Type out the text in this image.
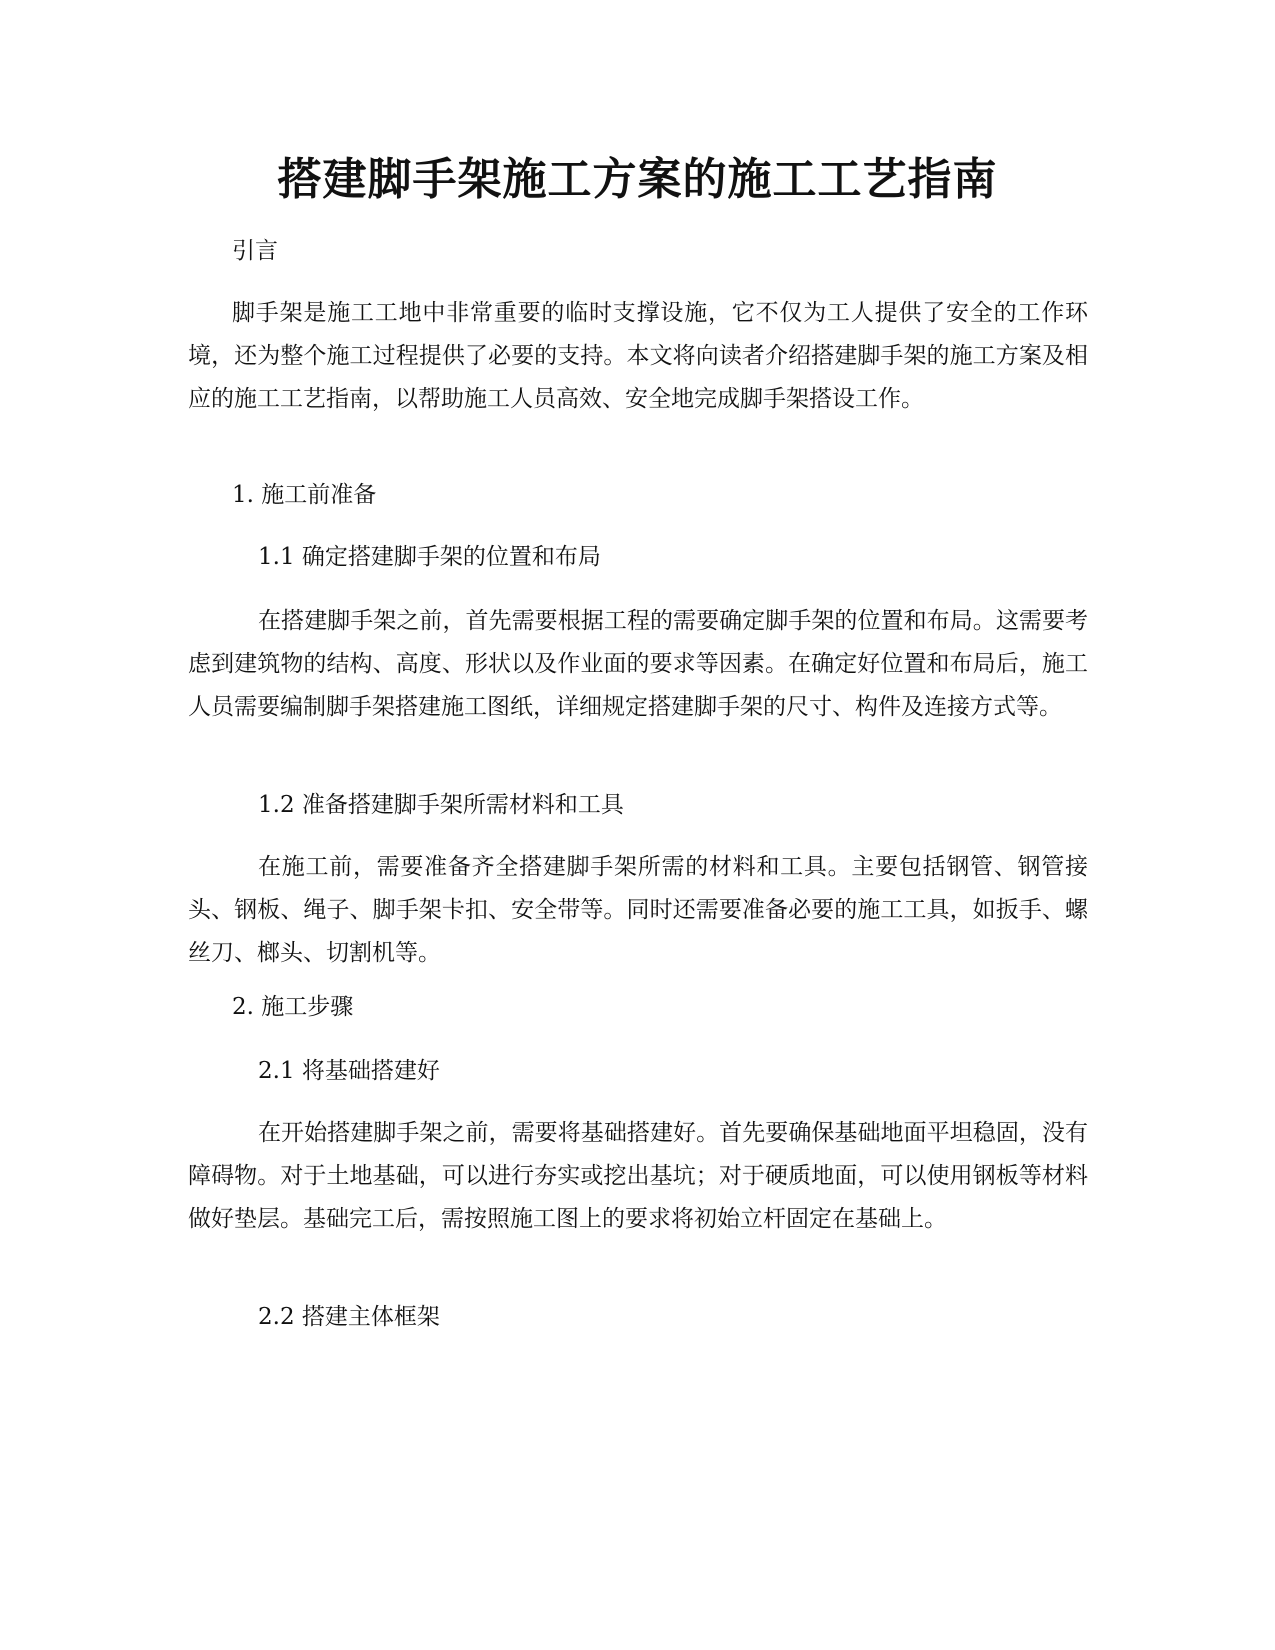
搭建脚手架施工方案的施工工艺指南

引言

脚手架是施工工地中非常重要的临时支撑设施，它不仅为工人提供了安全的工作环境，还为整个施工过程提供了必要的支持。本文将向读者介绍搭建脚手架的施工方案及相应的施工工艺指南，以帮助施工人员高效、安全地完成脚手架搭设工作。

1. 施工前准备

1.1 确定搭建脚手架的位置和布局

在搭建脚手架之前，首先需要根据工程的需要确定脚手架的位置和布局。这需要考虑到建筑物的结构、高度、形状以及作业面的要求等因素。在确定好位置和布局后，施工人员需要编制脚手架搭建施工图纸，详细规定搭建脚手架的尺寸、构件及连接方式等。

1.2 准备搭建脚手架所需材料和工具

在施工前，需要准备齐全搭建脚手架所需的材料和工具。主要包括钢管、钢管接头、钢板、绳子、脚手架卡扣、安全带等。同时还需要准备必要的施工工具，如扳手、螺丝刀、榔头、切割机等。

2. 施工步骤

2.1 将基础搭建好

在开始搭建脚手架之前，需要将基础搭建好。首先要确保基础地面平坦稳固，没有障碍物。对于土地基础，可以进行夯实或挖出基坑；对于硬质地面，可以使用钢板等材料做好垫层。基础完工后，需按照施工图上的要求将初始立杆固定在基础上。

2.2 搭建主体框架
